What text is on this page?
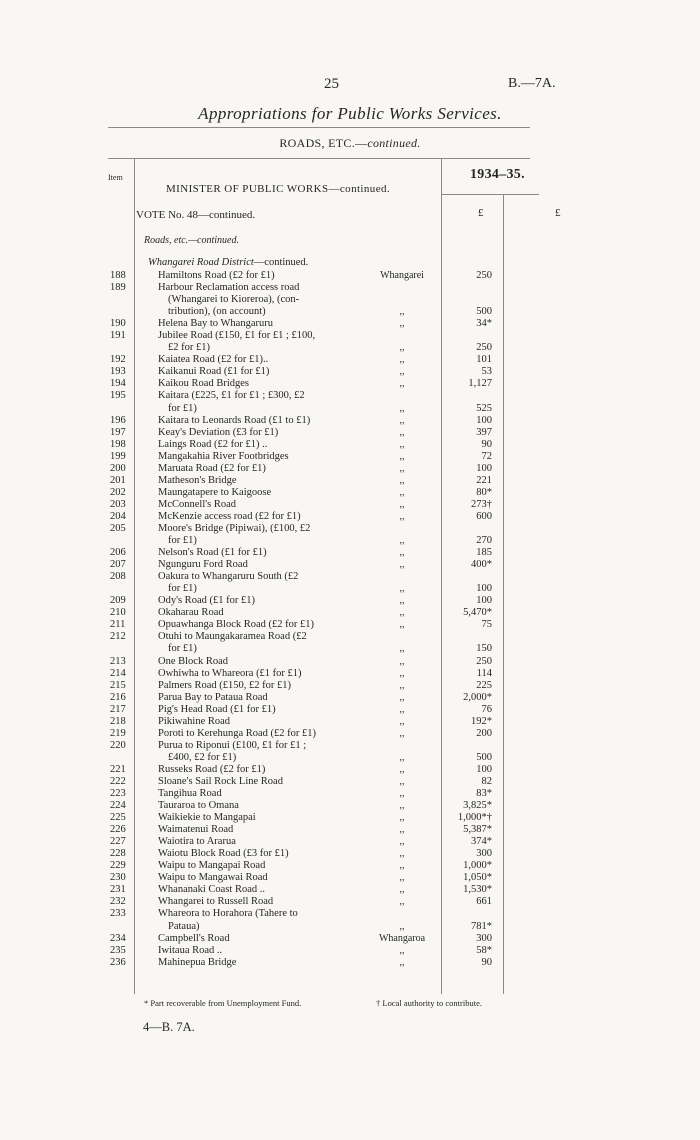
25	B.—7A.
Appropriations for Public Works Services.
ROADS, ETC.—continued.
Item	1934–35.
MINISTER OF PUBLIC WORKS—continued.
£	£
VOTE No. 48—continued.
Roads, etc.—continued.
Whangarei Road District—continued.
188	Hamiltons Road (£2 for £1)	Whangarei	250
189	Harbour Reclamation access road
(Whangarei to Kioreroa), (con-
tribution), (on account)	,,	500
190	Helena Bay to Whangaruru	,,	34*
191	Jubilee Road (£150, £1 for £1 ; £100,
£2 for £1)	,,	250
192	Kaiatea Road (£2 for £1)..	,,	101
193	Kaikanui Road (£1 for £1)	,,	53
194	Kaikou Road Bridges	,,	1,127
195	Kaitara (£225, £1 for £1 ; £300, £2
for £1)	,,	525
196	Kaitara to Leonards Road (£1 to £1)	,,	100
197	Keay's Deviation (£3 for £1)	,,	397
198	Laings Road (£2 for £1) ..	,,	90
199	Mangakahia River Footbridges	,,	72
200	Maruata Road (£2 for £1)	,,	100
201	Matheson's Bridge	,,	221
202	Maungatapere to Kaigoose	,,	80*
203	McConnell's Road	,,	273†
204	McKenzie access road (£2 for £1)	,,	600
205	Moore's Bridge (Pipiwai), (£100, £2
for £1)	,,	270
206	Nelson's Road (£1 for £1)	,,	185
207	Ngunguru Ford Road	,,	400*
208	Oakura to Whangaruru South (£2
for £1)	,,	100
209	Ody's Road (£1 for £1)	,,	100
210	Okaharau Road	,,	5,470*
211	Opuawhanga Block Road (£2 for £1)	,,	75
212	Otuhi to Maungakaramea Road (£2
for £1)	,,	150
213	One Block Road	,,	250
214	Owhiwha to Whareora (£1 for £1)	,,	114
215	Palmers Road (£150, £2 for £1)	,,	225
216	Parua Bay to Pataua Road	,,	2,000*
217	Pig's Head Road (£1 for £1)	,,	76
218	Pikiwahine Road	,,	192*
219	Poroti to Kerehunga Road (£2 for £1)	,,	200
220	Purua to Riponui (£100, £1 for £1 ;
£400, £2 for £1)	,,	500
221	Russeks Road (£2 for £1)	,,	100
222	Sloane's Sail Rock Line Road	,,	82
223	Tangihua Road	,,	83*
224	Tauraroa to Omana	,,	3,825*
225	Waikiekie to Mangapai	,,	1,000*†
226	Waimatenui Road	,,	5,387*
227	Waiotira to Ararua	,,	374*
228	Waiotu Block Road (£3 for £1)	,,	300
229	Waipu to Mangapai Road	,,	1,000*
230	Waipu to Mangawai Road	,,	1,050*
231	Whananaki Coast Road ..	,,	1,530*
232	Whangarei to Russell Road	,,	661
233	Whareora to Horahora (Tahere to
Pataua)	,,	781*
234	Campbell's Road	Whangaroa	300
235	Iwitaua Road ..	,,	58*
236	Mahinepua Bridge	,,	90
* Part recoverable from Unemployment Fund.	† Local authority to contribute.
4—B. 7A.
